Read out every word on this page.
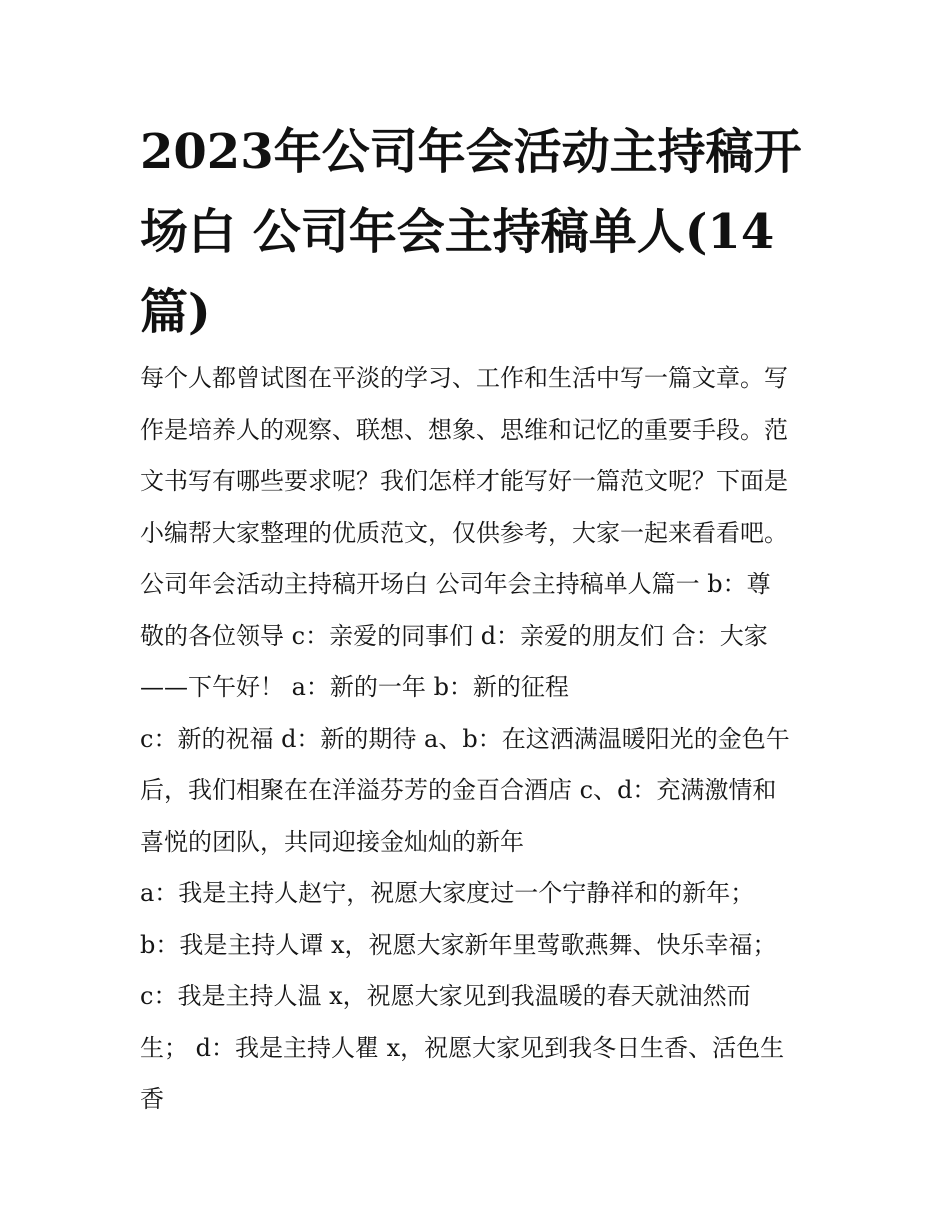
2023年公司年会活动主持稿开
场白 公司年会主持稿单人(14
篇)
每个人都曾试图在平淡的学习、工作和生活中写一篇文章。写
作是培养人的观察、联想、想象、思维和记忆的重要手段。范
文书写有哪些要求呢？我们怎样才能写好一篇范文呢？下面是
小编帮大家整理的优质范文，仅供参考，大家一起来看看吧。
公司年会活动主持稿开场白 公司年会主持稿单人篇一 b：尊
敬的各位领导 c：亲爱的同事们 d：亲爱的朋友们 合：大家
——下午好！ a：新的一年 b：新的征程
c：新的祝福 d：新的期待 a、b：在这洒满温暖阳光的金色午
后，我们相聚在在洋溢芬芳的金百合酒店 c、d：充满激情和
喜悦的团队，共同迎接金灿灿的新年
a：我是主持人赵宁，祝愿大家度过一个宁静祥和的新年；
b：我是主持人谭 x，祝愿大家新年里莺歌燕舞、快乐幸福；
c：我是主持人温 x，祝愿大家见到我温暖的春天就油然而
生； d：我是主持人瞿 x，祝愿大家见到我冬日生香、活色生
香
